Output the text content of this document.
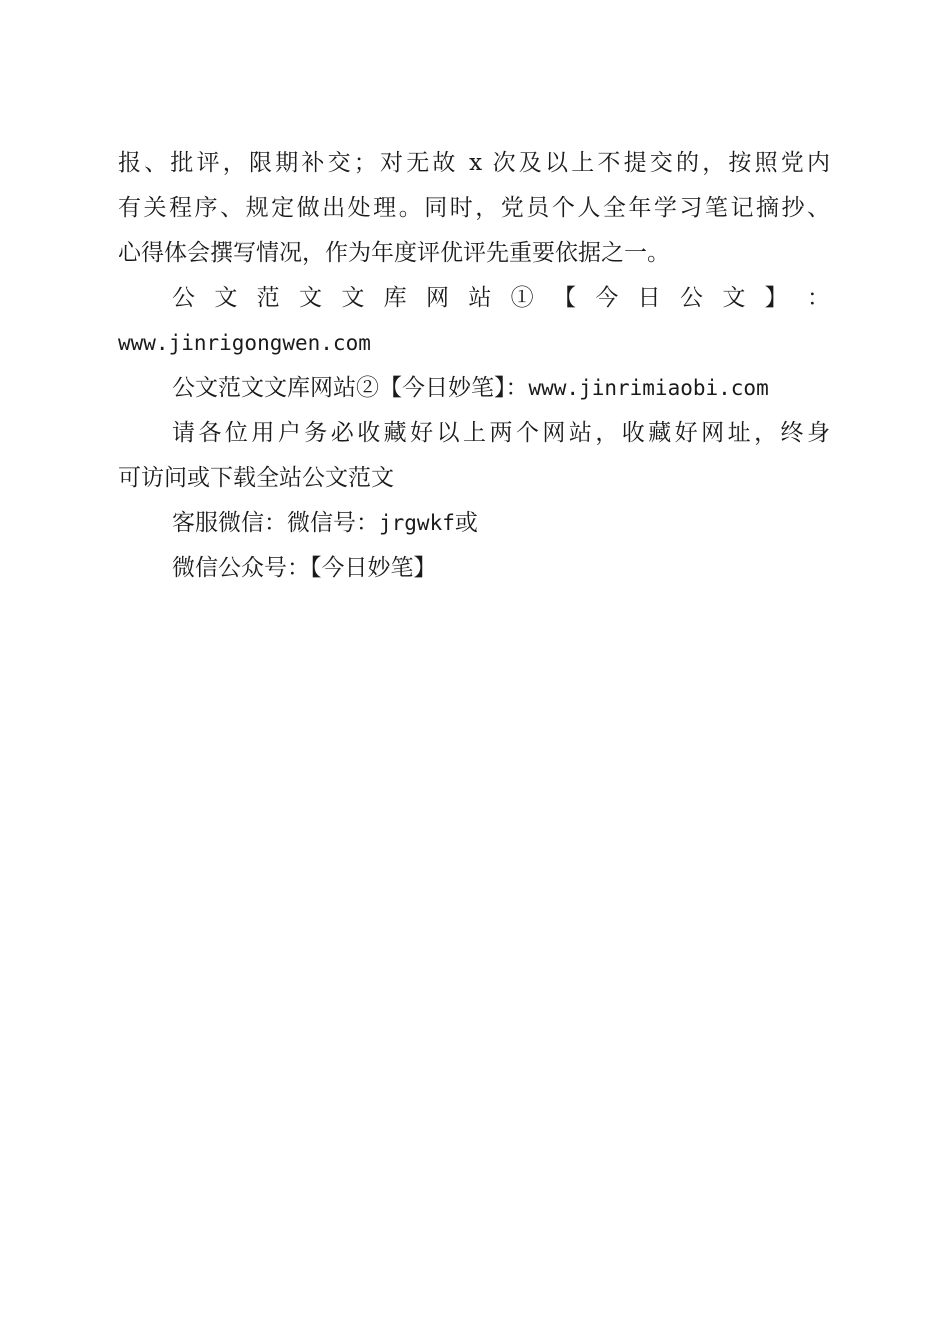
报、批评，限期补交；对无故 x 次及以上不提交的，按照党内
有关程序、规定做出处理。同时，党员个人全年学习笔记摘抄、
心得体会撰写情况，作为年度评优评先重要依据之一。
公 文 范 文 文 库 网 站 ① 【 今 日 公 文 】 ：
www.jinrigongwen.com
公文范文文库网站②【今日妙笔】：www.jinrimiaobi.com
请各位用户务必收藏好以上两个网站，收藏好网址，终身
可访问或下载全站公文范文
客服微信：微信号：jrgwkf或
微信公众号：【今日妙笔】
